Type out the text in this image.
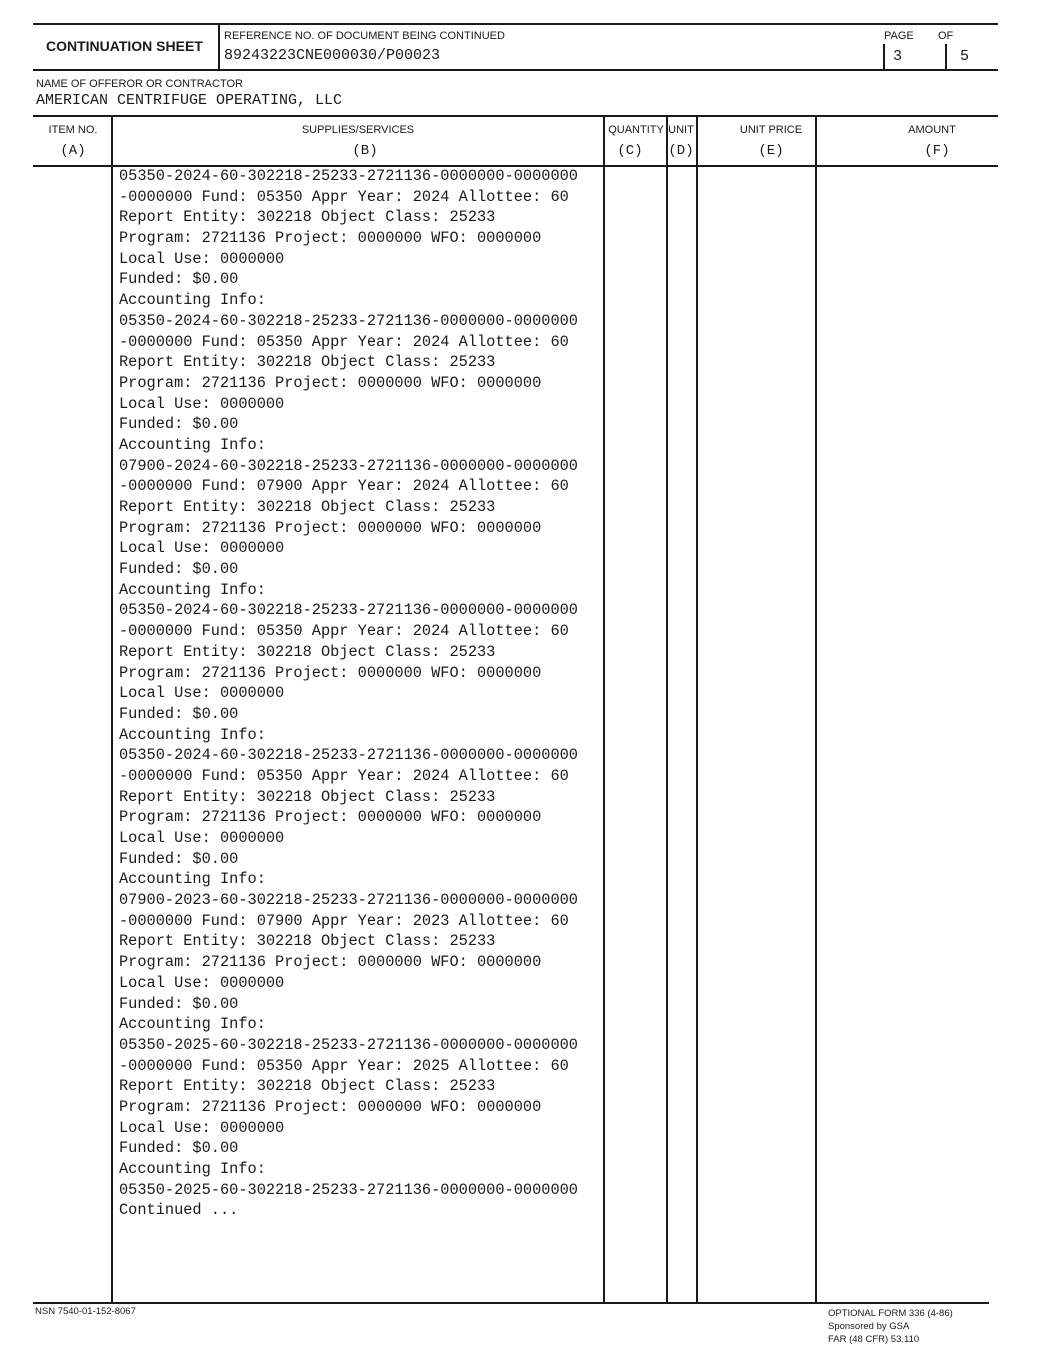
CONTINUATION SHEET
REFERENCE NO. OF DOCUMENT BEING CONTINUED
89243223CNE000030/P00023
PAGE OF
3	5
NAME OF OFFEROR OR CONTRACTOR
AMERICAN CENTRIFUGE OPERATING, LLC
ITEM NO.
(A)
SUPPLIES/SERVICES
(B)
QUANTITY
(C)
UNIT
(D)
UNIT PRICE
(E)
AMOUNT
(F)
05350-2024-60-302218-25233-2721136-0000000-0000000
-0000000 Fund: 05350 Appr Year: 2024 Allottee: 60
Report Entity: 302218 Object Class: 25233
Program: 2721136 Project: 0000000 WFO: 0000000
Local Use: 0000000
Funded: $0.00
Accounting Info:
05350-2024-60-302218-25233-2721136-0000000-0000000
-0000000 Fund: 05350 Appr Year: 2024 Allottee: 60
Report Entity: 302218 Object Class: 25233
Program: 2721136 Project: 0000000 WFO: 0000000
Local Use: 0000000
Funded: $0.00
Accounting Info:
07900-2024-60-302218-25233-2721136-0000000-0000000
-0000000 Fund: 07900 Appr Year: 2024 Allottee: 60
Report Entity: 302218 Object Class: 25233
Program: 2721136 Project: 0000000 WFO: 0000000
Local Use: 0000000
Funded: $0.00
Accounting Info:
05350-2024-60-302218-25233-2721136-0000000-0000000
-0000000 Fund: 05350 Appr Year: 2024 Allottee: 60
Report Entity: 302218 Object Class: 25233
Program: 2721136 Project: 0000000 WFO: 0000000
Local Use: 0000000
Funded: $0.00
Accounting Info:
05350-2024-60-302218-25233-2721136-0000000-0000000
-0000000 Fund: 05350 Appr Year: 2024 Allottee: 60
Report Entity: 302218 Object Class: 25233
Program: 2721136 Project: 0000000 WFO: 0000000
Local Use: 0000000
Funded: $0.00
Accounting Info:
07900-2023-60-302218-25233-2721136-0000000-0000000
-0000000 Fund: 07900 Appr Year: 2023 Allottee: 60
Report Entity: 302218 Object Class: 25233
Program: 2721136 Project: 0000000 WFO: 0000000
Local Use: 0000000
Funded: $0.00
Accounting Info:
05350-2025-60-302218-25233-2721136-0000000-0000000
-0000000 Fund: 05350 Appr Year: 2025 Allottee: 60
Report Entity: 302218 Object Class: 25233
Program: 2721136 Project: 0000000 WFO: 0000000
Local Use: 0000000
Funded: $0.00
Accounting Info:
05350-2025-60-302218-25233-2721136-0000000-0000000
Continued ...
NSN 7540-01-152-8067	OPTIONAL FORM 336 (4-86)
Sponsored by GSA
FAR (48 CFR) 53.110
